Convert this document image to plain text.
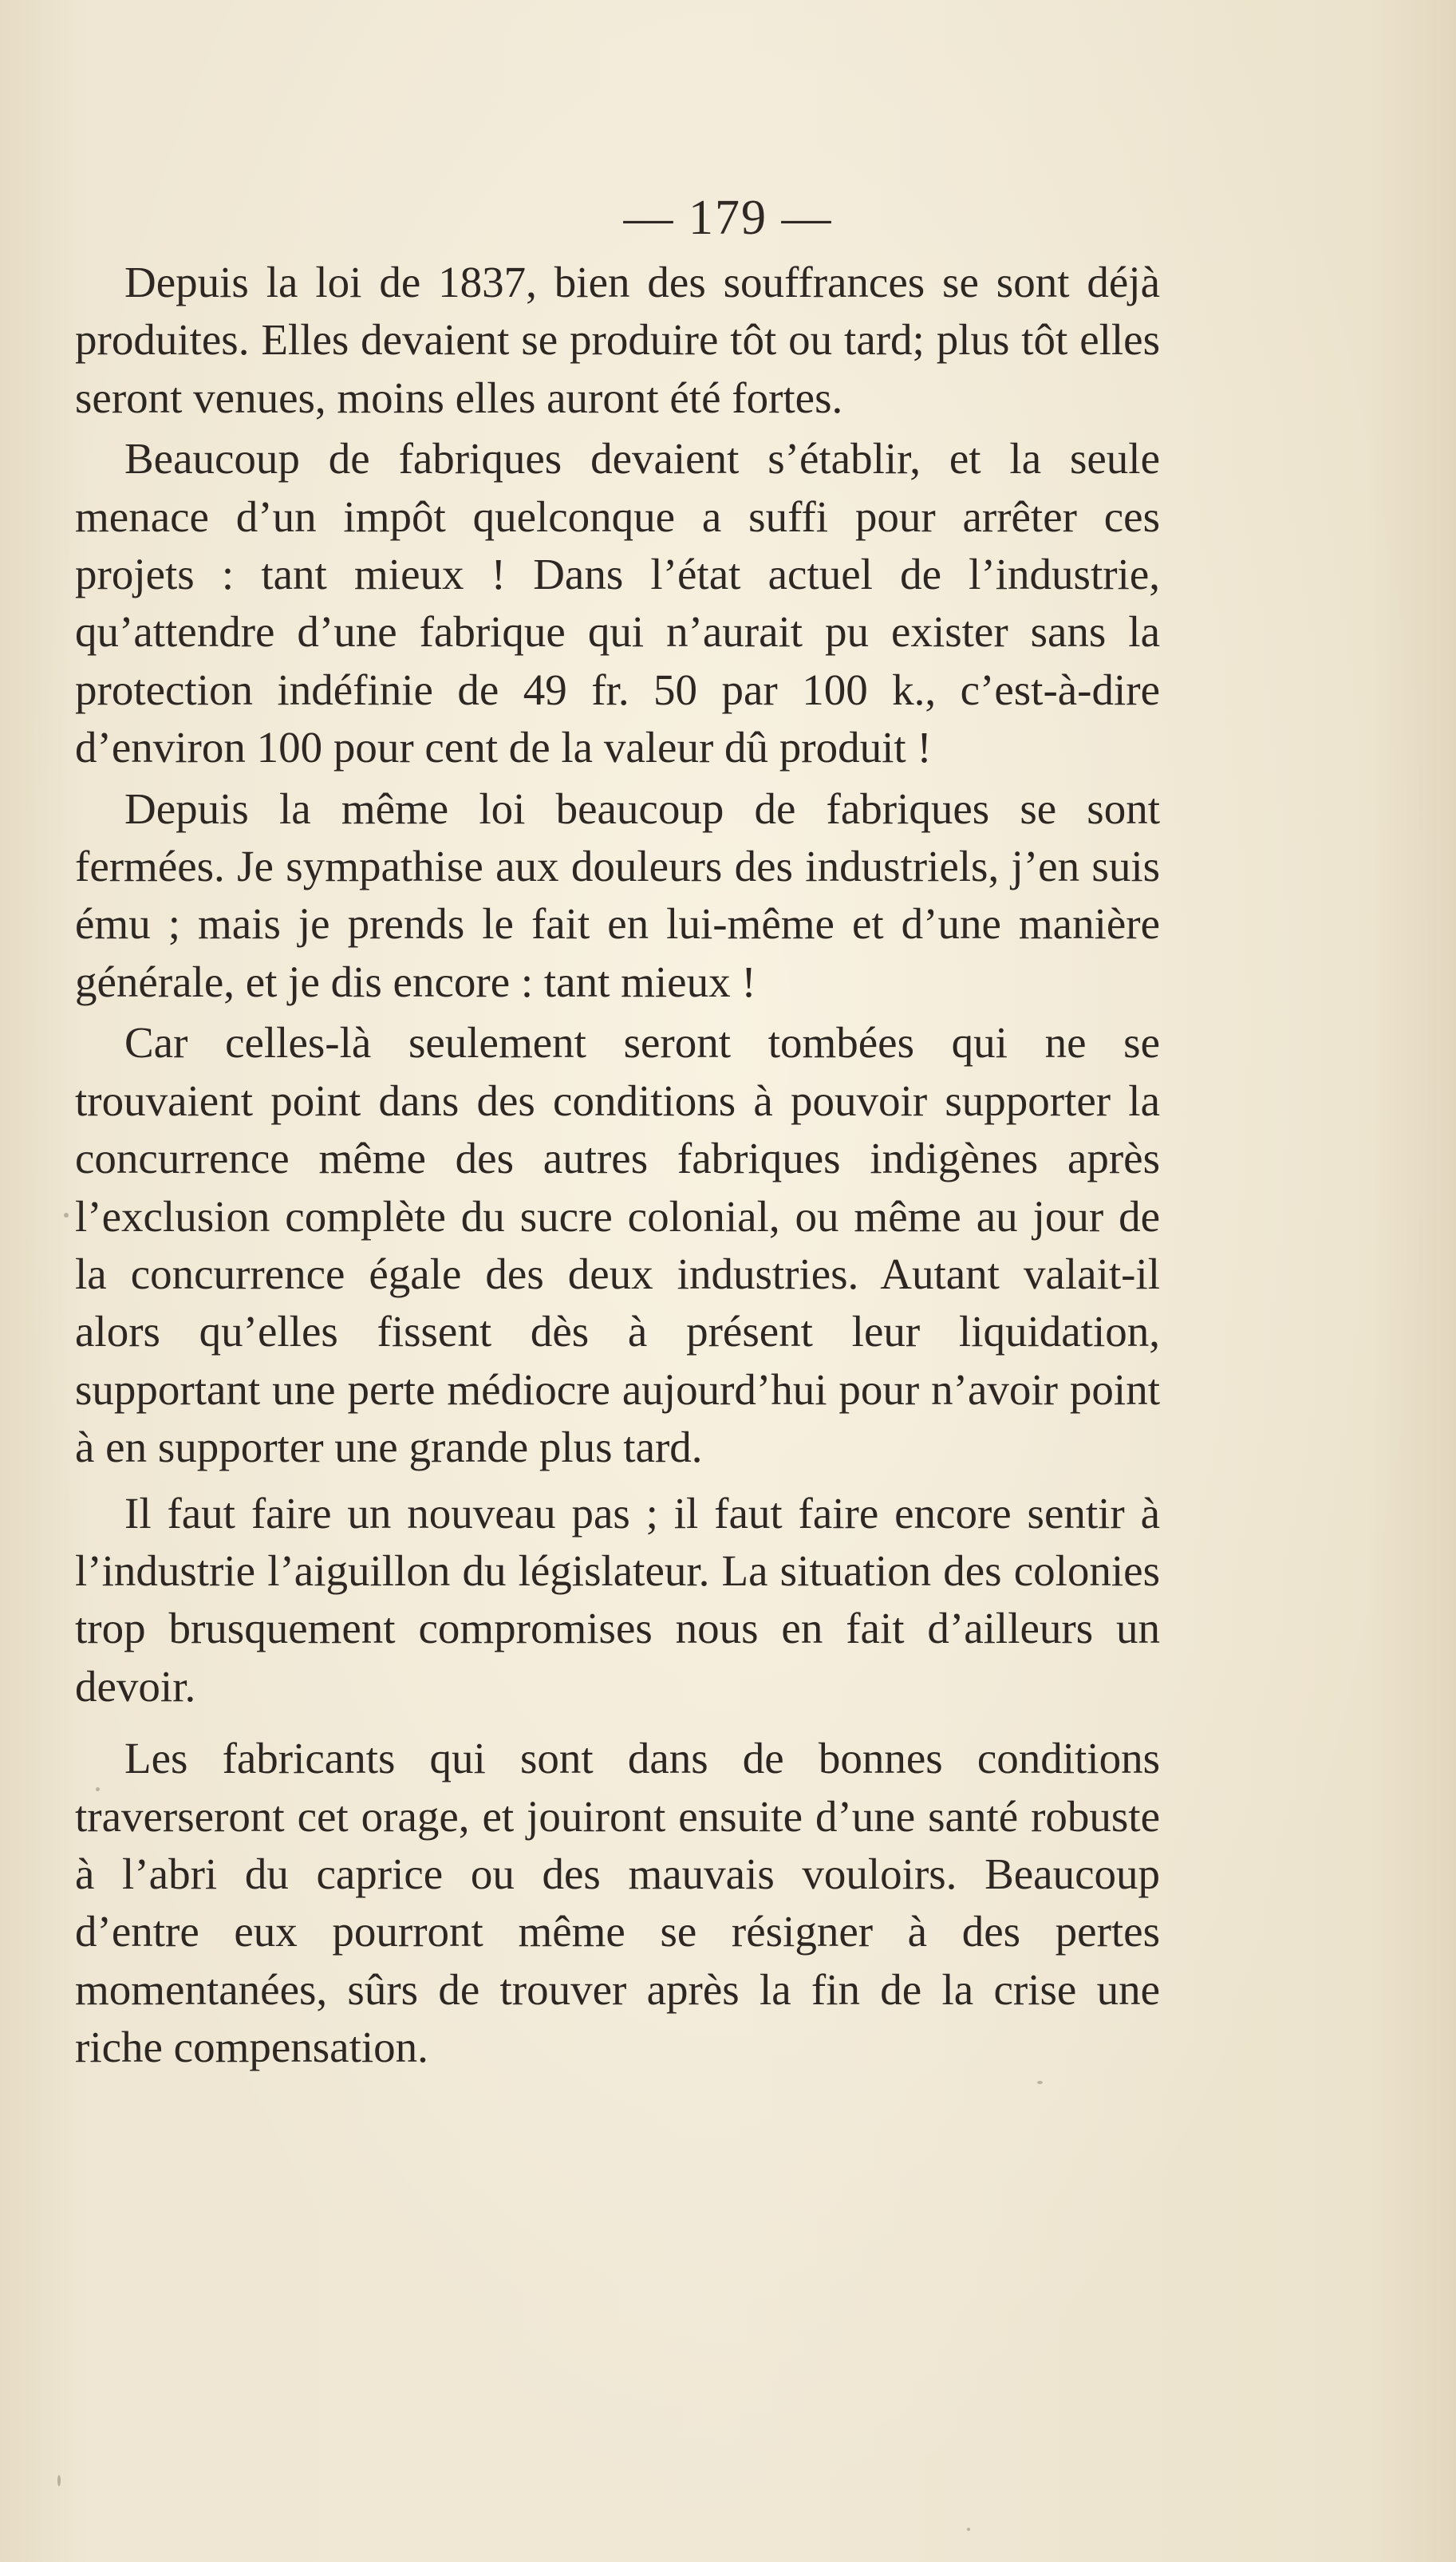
— 179 —

Depuis la loi de 1837, bien des souffrances se sont déjà produites. Elles devaient se produire tôt ou tard; plus tôt elles seront venues, moins elles auront été fortes.

Beaucoup de fabriques devaient s’établir, et la seule menace d’un impôt quelconque a suffi pour arrêter ces projets : tant mieux ! Dans l’état actuel de l’industrie, qu’attendre d’une fabrique qui n’aurait pu exister sans la protection indéfinie de 49 fr. 50 par 100 k., c’est-à-dire d’environ 100 pour cent de la valeur dû produit !

Depuis la même loi beaucoup de fabriques se sont fermées. Je sympathise aux douleurs des industriels, j’en suis ému ; mais je prends le fait en lui-même et d’une manière générale, et je dis encore : tant mieux !

Car celles-là seulement seront tombées qui ne se trouvaient point dans des conditions à pouvoir supporter la concurrence même des autres fabriques indigènes après l’exclusion complète du sucre colonial, ou même au jour de la concurrence égale des deux industries. Autant valait-il alors qu’elles fissent dès à présent leur liquidation, supportant une perte médiocre aujourd’hui pour n’avoir point à en supporter une grande plus tard.

Il faut faire un nouveau pas ; il faut faire encore sentir à l’industrie l’aiguillon du législateur. La situation des colonies trop brusquement compromises nous en fait d’ailleurs un devoir.

Les fabricants qui sont dans de bonnes conditions traverseront cet orage, et jouiront ensuite d’une santé robuste à l’abri du caprice ou des mauvais vouloirs. Beaucoup d’entre eux pourront même se résigner à des pertes momentanées, sûrs de trouver après la fin de la crise une riche compensation.
